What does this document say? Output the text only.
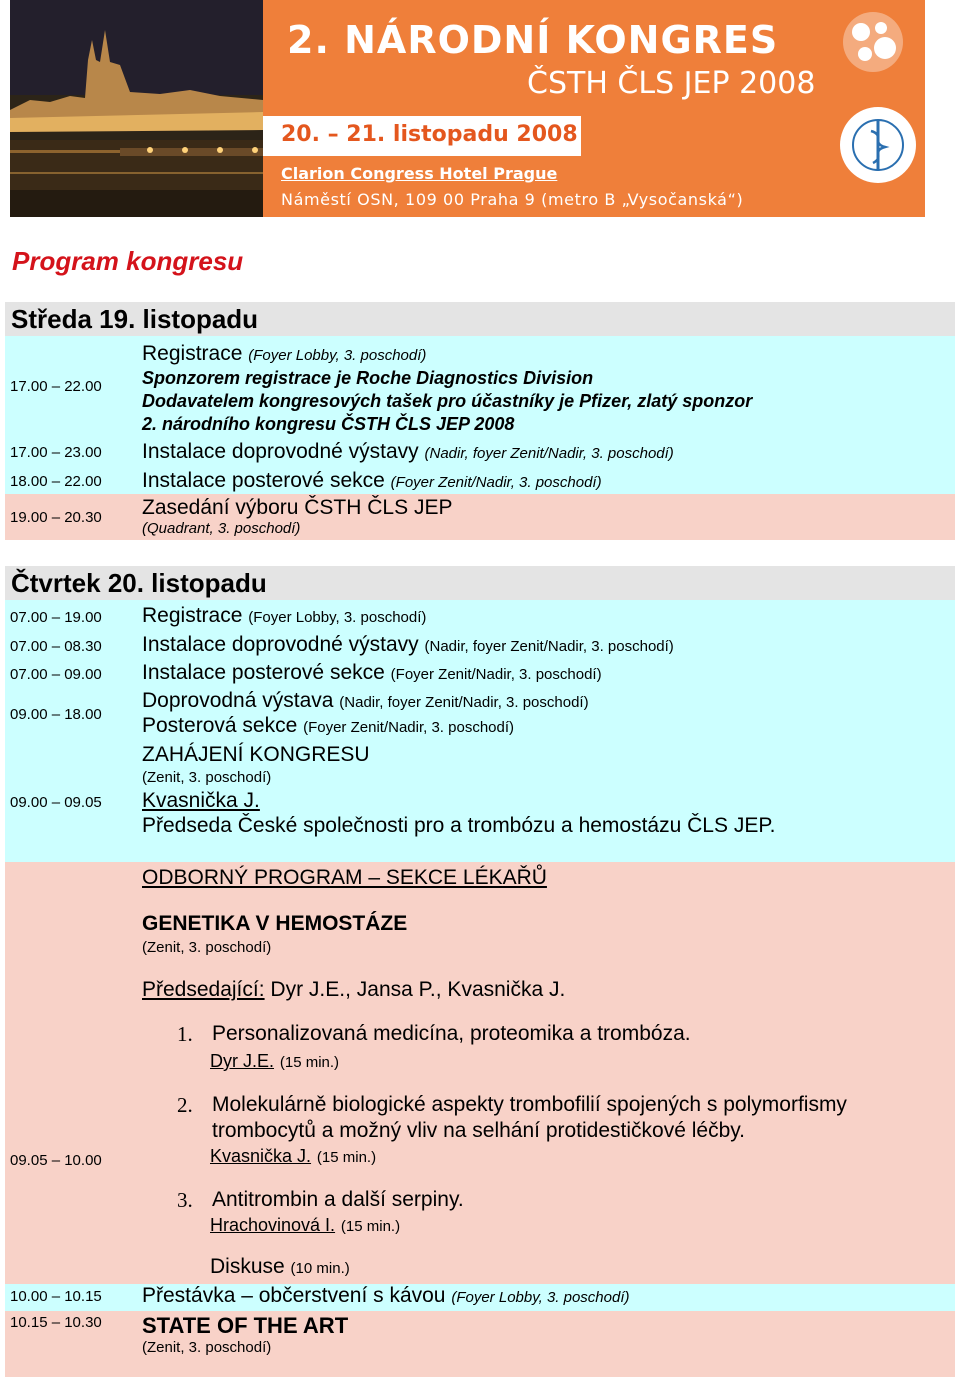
2. NÁRODNÍ KONGRES
ČSTH ČLS JEP 2008
20. – 21. listopadu 2008
Clarion Congress Hotel Prague
Náměstí OSN, 109 00 Praha 9 (metro B „Vysočanská“)
Program kongresu
Středa 19. listopadu
17.00 – 22.00
Registrace (Foyer Lobby, 3. poschodí)
Sponzorem registrace je Roche Diagnostics Division
Dodavatelem kongresových tašek pro účastníky je Pfizer, zlatý sponzor
2. národního kongresu ČSTH ČLS JEP 2008
17.00 – 23.00 Instalace doprovodné výstavy (Nadir, foyer Zenit/Nadir, 3. poschodí)
18.00 – 22.00 Instalace posterové sekce (Foyer Zenit/Nadir, 3. poschodí)
19.00 – 20.30 Zasedání výboru ČSTH ČLS JEP
(Quadrant, 3. poschodí)
Čtvrtek 20. listopadu
07.00 – 19.00 Registrace (Foyer Lobby, 3. poschodí)
07.00 – 08.30 Instalace doprovodné výstavy (Nadir, foyer Zenit/Nadir, 3. poschodí)
07.00 – 09.00 Instalace posterové sekce (Foyer Zenit/Nadir, 3. poschodí)
09.00 – 18.00
Doprovodná výstava (Nadir, foyer Zenit/Nadir, 3. poschodí)
Posterová sekce (Foyer Zenit/Nadir, 3. poschodí)
ZAHÁJENÍ KONGRESU
(Zenit, 3. poschodí)
09.00 – 09.05 Kvasnička J.
Předseda České společnosti pro a trombózu a hemostázu ČLS JEP.
09.05 – 10.00
ODBORNÝ PROGRAM – SEKCE LÉKAŘŮ
GENETIKA V HEMOSTÁZE
(Zenit, 3. poschodí)
Předsedající: Dyr J.E., Jansa P., Kvasnička J.
1. Personalizovaná medicína, proteomika a trombóza.
Dyr J.E. (15 min.)
2. Molekulárně biologické aspekty trombofilií spojených s polymorfismy
trombocytů a možný vliv na selhání protidestičkové léčby.
Kvasnička J. (15 min.)
3. Antitrombin a další serpiny.
Hrachovinová I. (15 min.)
Diskuse (10 min.)
10.00 – 10.15 Přestávka – občerstvení s kávou (Foyer Lobby, 3. poschodí)
10.15 – 10.30 STATE OF THE ART
(Zenit, 3. poschodí)
